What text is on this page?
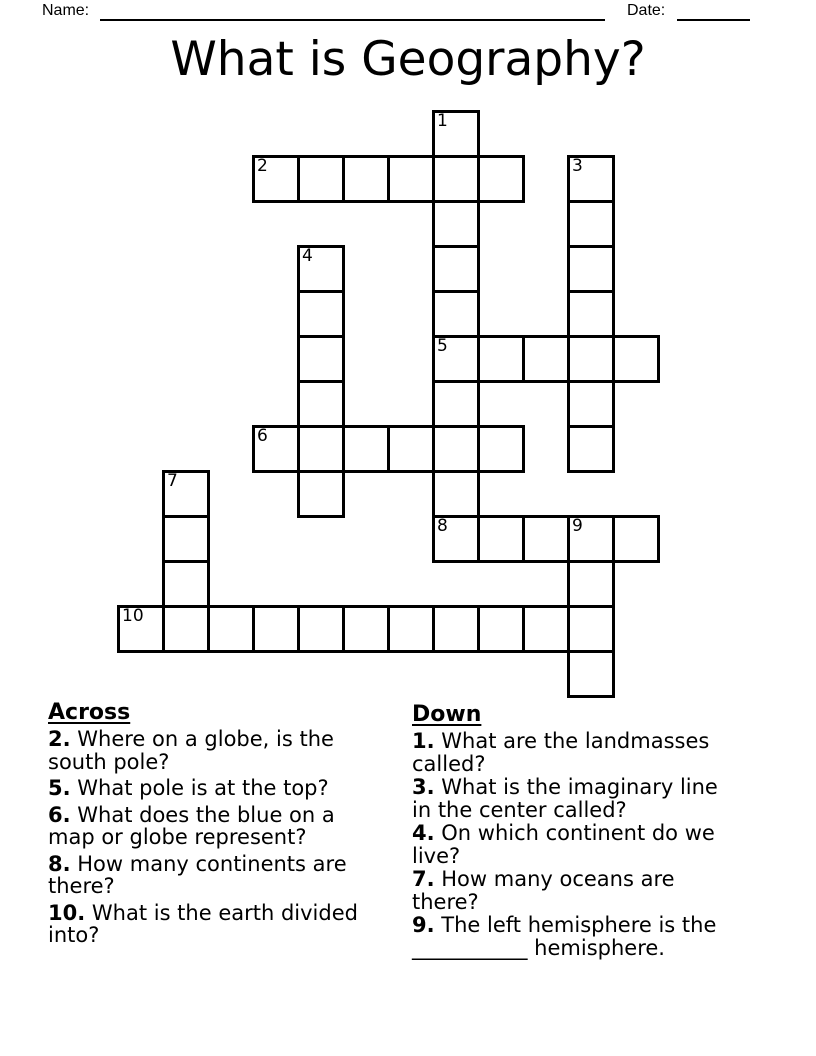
Name:	Date:
What is Geography?
1
2	3
4
5
6
7
8	9
10
Across

2. Where on a globe, is the south pole?

5. What pole is at the top?

6. What does the blue on a map or globe represent?

8. How many continents are there?

10. What is the earth divided into?

Down

1. What are the landmasses called?

3. What is the imaginary line in the center called?

4. On which continent do we live?

7. How many oceans are there?

9. The left hemisphere is the ___________ hemisphere.
